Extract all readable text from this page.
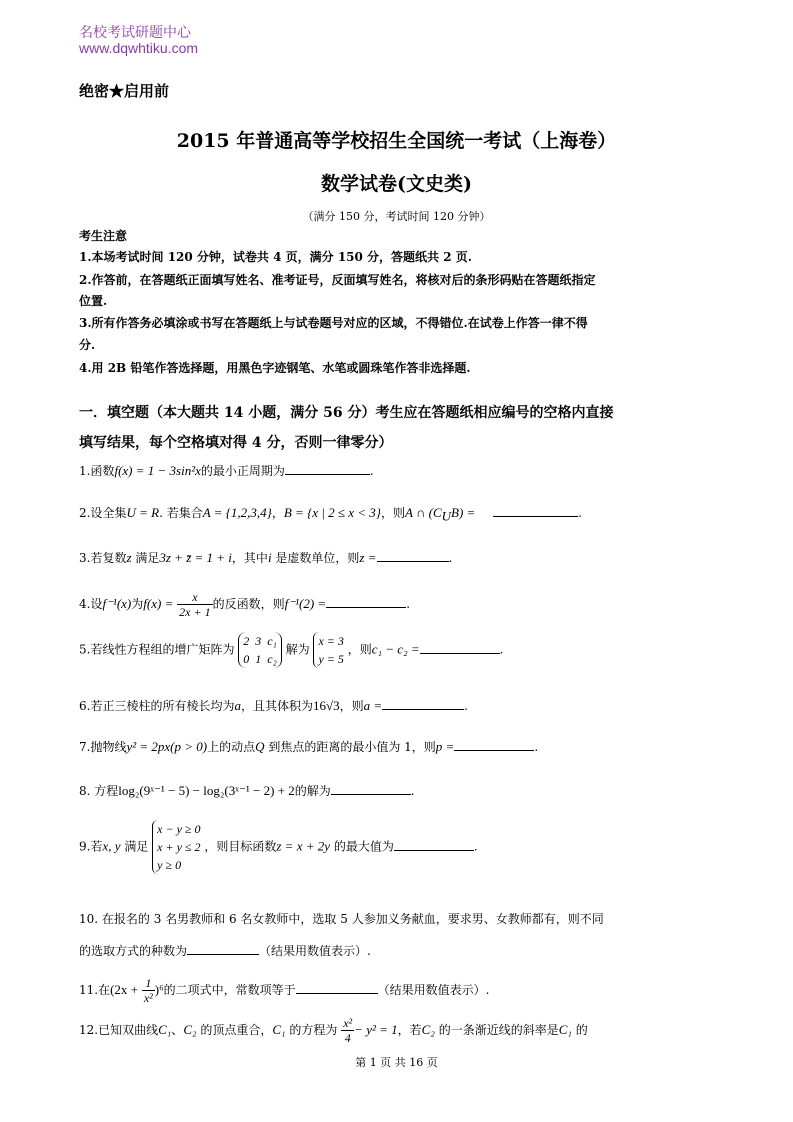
名校考试研题中心
www.dqwhtiku.com
绝密★启用前
2015 年普通高等学校招生全国统一考试（上海卷）
数学试卷(文史类)
（满分 150 分，考试时间 120 分钟）
考生注意
1.本场考试时间 120 分钟，试卷共 4 页，满分 150 分，答题纸共 2 页.
2.作答前，在答题纸正面填写姓名、准考证号，反面填写姓名，将核对后的条形码贴在答题纸指定
位置.
3.所有作答务必填涂或书写在答题纸上与试卷题号对应的区域，不得错位.在试卷上作答一律不得
分.
4.用 2B 铅笔作答选择题，用黑色字迹钢笔、水笔或圆珠笔作答非选择题.
一．填空题（本大题共 14 小题，满分 56 分）考生应在答题纸相应编号的空格内直接
填写结果，每个空格填对得 4 分，否则一律零分）
1.函数f(x) = 1 − 3sin²x的最小正周期为	.
2.设全集U = R. 若集合A = {1,2,3,4}，B = {x | 2 ≤ x < 3}，则A ∩ $(C_UB)$ =	.
3.若复数z 满足3z + z̄ = 1 + i，其中i 是虚数单位，则z =	.
4.设f⁻¹(x)为$f(x) = \frac{x}{2x + 1}$ 的反函数，则f⁻¹(2) =	.
5.若线性方程组的增广矩阵为 2 3 c₁
0 1 c₂ 解为 x = 3
y = 5 ，则c₁ − c₂ =	.
6.若正三棱柱的所有棱长均为a，且其体积为16√3，则a =	.
7.抛物线y² = 2px(p > 0)上的动点Q 到焦点的距离的最小值为 1，则p =	.
8. 方程log₂(9ˣ⁻¹ − 5) − log₂(3ˣ⁻¹ − 2) + 2的解为	.
9.若x, y 满足 x − y ≥ 0
x + y ≤ 2
y ≥ 0 ，则目标函数z = x + 2y 的最大值为	.
10. 在报名的 3 名男教师和 6 名女教师中，选取 5 人参加义务献血，要求男、女教师都有，则不同
的选取方式的种数为	（结果用数值表示）.
11.在$(2x + \frac{1}{\text{x²}} )^6$的二项式中，常数项等于	（结果用数值表示）.
12.已知双曲线C₁、C₂ 的顶点重合，C₁ 的方程为 $\frac{\text{x²}}{4} - y^2 = 1$，若C₂ 的一条渐近线的斜率是C₁ 的
第 1 页 共 16 页
